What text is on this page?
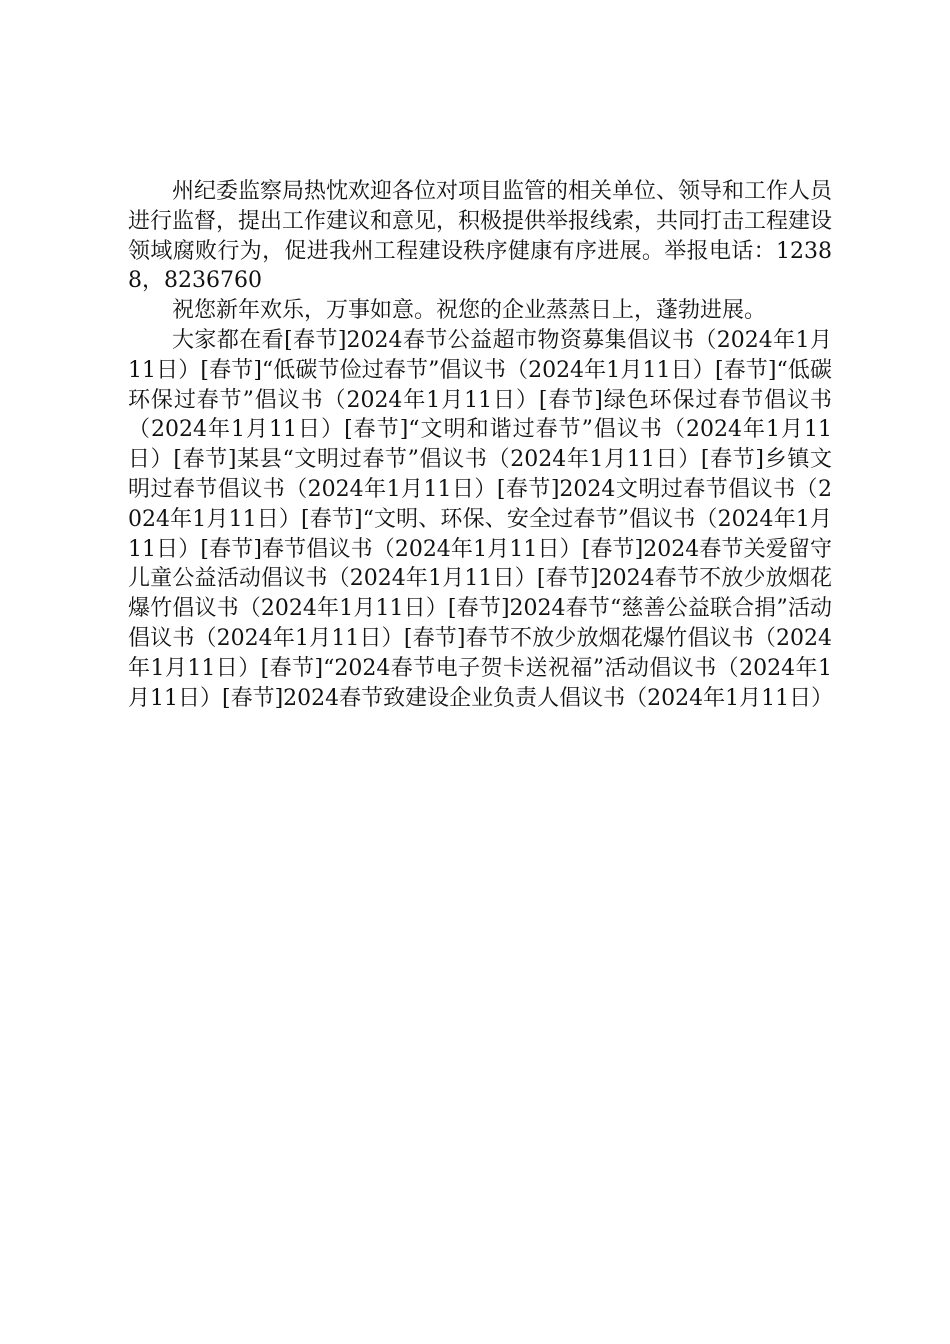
州纪委监察局热忱欢迎各位对项目监管的相关单位、领导和工作人员进行监督，提出工作建议和意见，积极提供举报线索，共同打击工程建设领域腐败行为，促进我州工程建设秩序健康有序进展。举报电话：12388，8236760

祝您新年欢乐，万事如意。祝您的企业蒸蒸日上，蓬勃进展。

大家都在看[春节]2024春节公益超市物资募集倡议书（2024年1月11日）[春节]“低碳节俭过春节”倡议书（2024年1月11日）[春节]“低碳环保过春节”倡议书（2024年1月11日）[春节]绿色环保过春节倡议书（2024年1月11日）[春节]“文明和谐过春节”倡议书（2024年1月11日）[春节]某县“文明过春节”倡议书（2024年1月11日）[春节]乡镇文明过春节倡议书（2024年1月11日）[春节]2024文明过春节倡议书（2024年1月11日）[春节]“文明、环保、安全过春节”倡议书（2024年1月11日）[春节]春节倡议书（2024年1月11日）[春节]2024春节关爱留守儿童公益活动倡议书（2024年1月11日）[春节]2024春节不放少放烟花爆竹倡议书（2024年1月11日）[春节]2024春节“慈善公益联合捐”活动倡议书（2024年1月11日）[春节]春节不放少放烟花爆竹倡议书（2024年1月11日）[春节]“2024春节电子贺卡送祝福”活动倡议书（2024年1月11日）[春节]2024春节致建设企业负责人倡议书（2024年1月11日）
